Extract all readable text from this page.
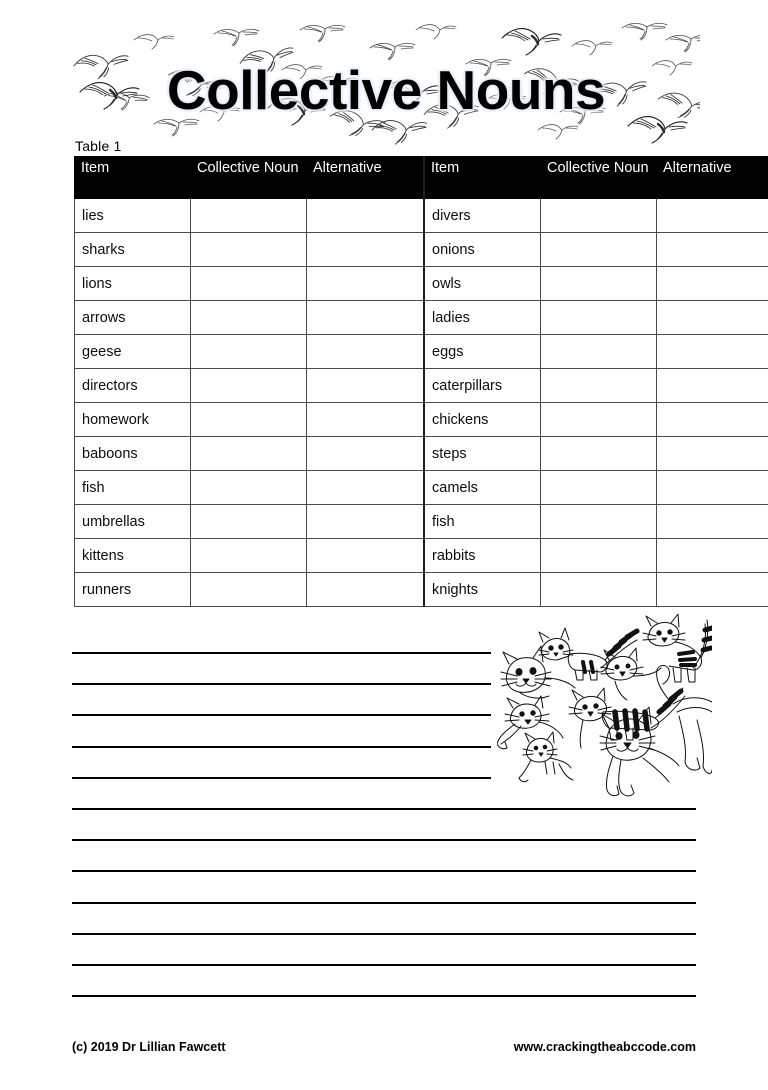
Collective Nouns
Table 1
Item	Collective Noun	Alternative	Item	Collective Noun	Alternative
lies			divers		
sharks			onions		
lions			owls		
arrows			ladies		
geese			eggs		
directors			caterpillars		
homework			chickens		
baboons			steps		
fish			camels		
umbrellas			fish		
kittens			rabbits		
runners			knights		
(c) 2019 Dr Lillian Fawcett	www.crackingtheabccode.com
